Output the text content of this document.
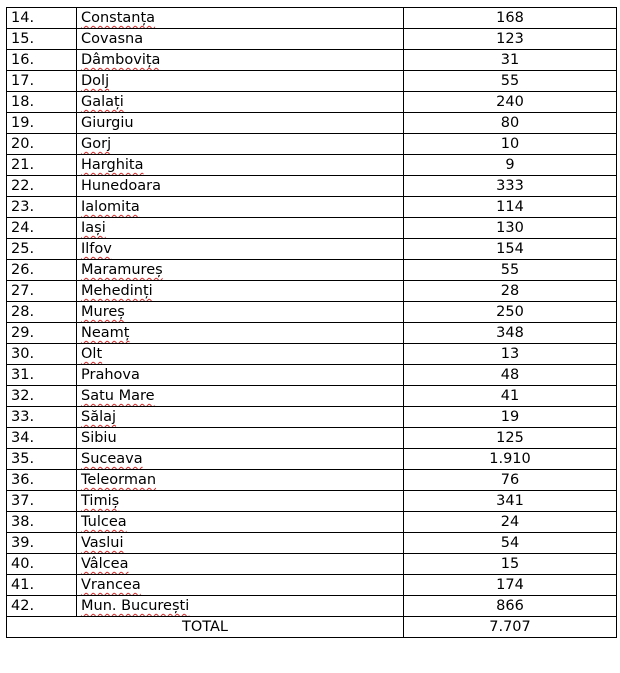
14.	Constanța	168
15.	Covasna	123
16.	Dâmbovița	31
17.	Dolj	55
18.	Galați	240
19.	Giurgiu	80
20.	Gorj	10
21.	Harghita	9
22.	Hunedoara	333
23.	Ialomita	114
24.	Iași	130
25.	Ilfov	154
26.	Maramureș	55
27.	Mehedinți	28
28.	Mureș	250
29.	Neamț	348
30.	Olt	13
31.	Prahova	48
32.	Satu Mare	41
33.	Sălaj	19
34.	Sibiu	125
35.	Suceava	1.910
36.	Teleorman	76
37.	Timiș	341
38.	Tulcea	24
39.	Vaslui	54
40.	Vâlcea	15
41.	Vrancea	174
42.	Mun. București	866
TOTAL		7.707
